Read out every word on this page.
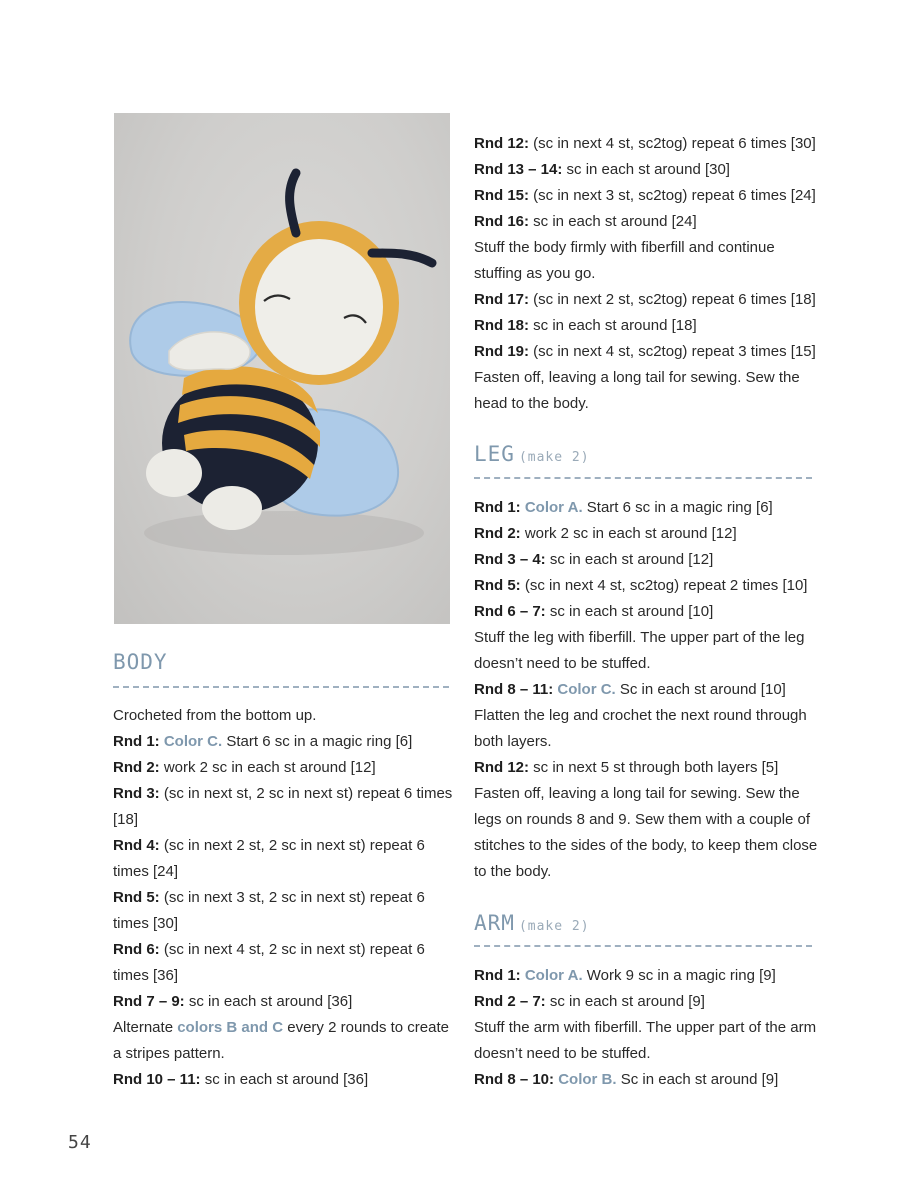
BODY
Crocheted from the bottom up.
Rnd 1: Color C. Start 6 sc in a magic ring [6]
Rnd 2: work 2 sc in each st around [12]
Rnd 3: (sc in next st, 2 sc in next st) repeat 6 times [18]
Rnd 4: (sc in next 2 st, 2 sc in next st) repeat 6 times [24]
Rnd 5: (sc in next 3 st, 2 sc in next st) repeat 6 times [30]
Rnd 6: (sc in next 4 st, 2 sc in next st) repeat 6 times [36]
Rnd 7 – 9: sc in each st around [36]
Alternate colors B and C every 2 rounds to create a stripes pattern.
Rnd 10 – 11: sc in each st around [36]
Rnd 12: (sc in next 4 st, sc2tog) repeat 6 times [30]
Rnd 13 – 14: sc in each st around [30]
Rnd 15: (sc in next 3 st, sc2tog) repeat 6 times [24]
Rnd 16: sc in each st around [24]
Stuff the body firmly with fiberfill and continue stuffing as you go.
Rnd 17: (sc in next 2 st, sc2tog) repeat 6 times [18]
Rnd 18: sc in each st around [18]
Rnd 19: (sc in next 4 st, sc2tog) repeat 3 times [15]
Fasten off, leaving a long tail for sewing. Sew the head to the body.
LEG (make 2)
Rnd 1: Color A. Start 6 sc in a magic ring [6]
Rnd 2: work 2 sc in each st around [12]
Rnd 3 – 4: sc in each st around [12]
Rnd 5: (sc in next 4 st, sc2tog) repeat 2 times [10]
Rnd 6 – 7: sc in each st around [10]
Stuff the leg with fiberfill. The upper part of the leg doesn’t need to be stuffed.
Rnd 8 – 11: Color C. Sc in each st around [10]
Flatten the leg and crochet the next round through both layers.
Rnd 12: sc in next 5 st through both layers [5]
Fasten off, leaving a long tail for sewing. Sew the legs on rounds 8 and 9. Sew them with a couple of stitches to the sides of the body, to keep them close to the body.
ARM (make 2)
Rnd 1: Color A. Work 9 sc in a magic ring [9]
Rnd 2 – 7: sc in each st around [9]
Stuff the arm with fiberfill. The upper part of the arm doesn’t need to be stuffed.
Rnd 8 – 10: Color B. Sc in each st around [9]
54
